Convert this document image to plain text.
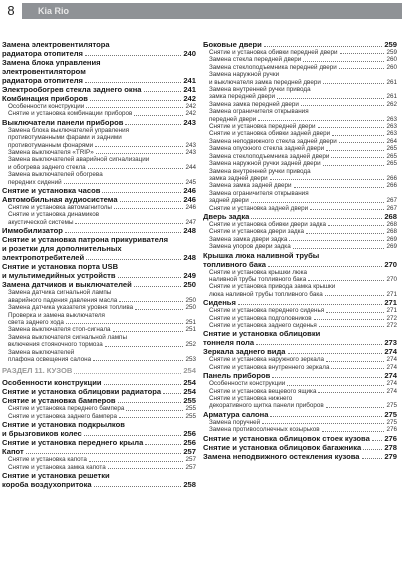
8	Kia Rio
Замена электровентилятора
радиатора отопителя	240
Замена блока управления
электровентилятором
радиатора отопителя	241
Электрообогрев стекла заднего окна	241
Комбинация приборов	242
Особенности конструкции	242
Снятие и установка комбинации приборов	242
Выключатели панели приборов	243
Замена блока выключателей управления
противотуманными фарами и задними
противотуманным фонарями	243
Замена выключателя «TRIP»	243
Замена выключателей аварийной сигнализации
и обогрева заднего стекла	244
Замена выключателей обогрева
передних сидений	245
Снятие и установка часов	246
Автомобильная аудиосистема	246
Снятие и установка автомагнитолы	246
Снятие и установка динамиков
акустической системы	247
Иммобилизатор	248
Снятие и установка патрона прикуривателя
и розетки для дополнительных
электропотребителей	248
Снятие и установка порта USB
и мультимедийных устройств	249
Замена датчиков и выключателей	250
Замена датчика сигнальной лампы
аварийного падения давления масла	250
Замена датчика указателя уровня топлива	250
Проверка и замена выключателя
света заднего хода	251
Замена выключателя стоп-сигнала	251
Замена выключателя сигнальной лампы
включения стояночного тормоза	252
Замена выключателей
плафона освещения салона	253
РАЗДЕЛ 11. КУЗОВ	254
Особенности конструкции	254
Снятие и установка облицовки радиатора	254
Снятие и установка бамперов	255
Снятие и установка переднего бампера	255
Снятие и установка заднего бампера	255
Снятие и установка подкрылков
и брызговиков колес	256
Снятие и установка переднего крыла	256
Капот	257
Снятие и установка капота	257
Снятие и установка замка капота	257
Снятие и установка решетки
короба воздухопритока	258
Боковые двери	259
Снятие и установка обивки передней двери	259
Замена стекла передней двери	260
Замена стеклоподъемника передней двери	260
Замена наружной ручки
и выключателя замка передней двери	261
Замена внутренней ручки привода
замка передней двери	261
Замена замка передней двери	262
Замена ограничителя открывания
передней двери	263
Снятие и установка передней двери	263
Снятие и установка обивки задней двери	263
Замена неподвижного стекла задней двери	264
Замена опускного стекла задней двери	265
Замена стеклоподъемника задней двери	265
Замена наружной ручки задней двери	265
Замена внутренней ручки привода
замка задней двери	266
Замена замка задней двери	266
Замена ограничителя открывания
задней двери	267
Снятие и установка задней двери	267
Дверь задка	268
Снятие и установка обивки двери задка	268
Снятие и установка двери задка	268
Замена замка двери задка	269
Замена упоров двери задка	269
Крышка люка наливной трубы
топливного бака	270
Снятие и установка крышки люка
наливной трубы топливного бака	270
Снятие и установка привода замка крышки
люка наливной трубы топливного бака	271
Сиденья	271
Снятие и установка переднего сиденья	271
Снятие и установка подголовников	272
Снятие и установка заднего сиденья	272
Снятие и установка облицовки
тоннеля пола	273
Зеркала заднего вида	274
Снятие и установка наружного зеркала	274
Снятие и установка внутреннего зеркала	274
Панель приборов	274
Особенности конструкции	274
Снятие и установка вещевого ящика	274
Снятие и установка нижнего
декоративного щитка панели приборов	275
Арматура салона	275
Замена поручней	275
Замена противосолнечных козырьков	276
Снятие и установка облицовок стоек кузова 276
Снятие и установка облицовок багажника	278
Замена неподвижного остекления кузова	279
